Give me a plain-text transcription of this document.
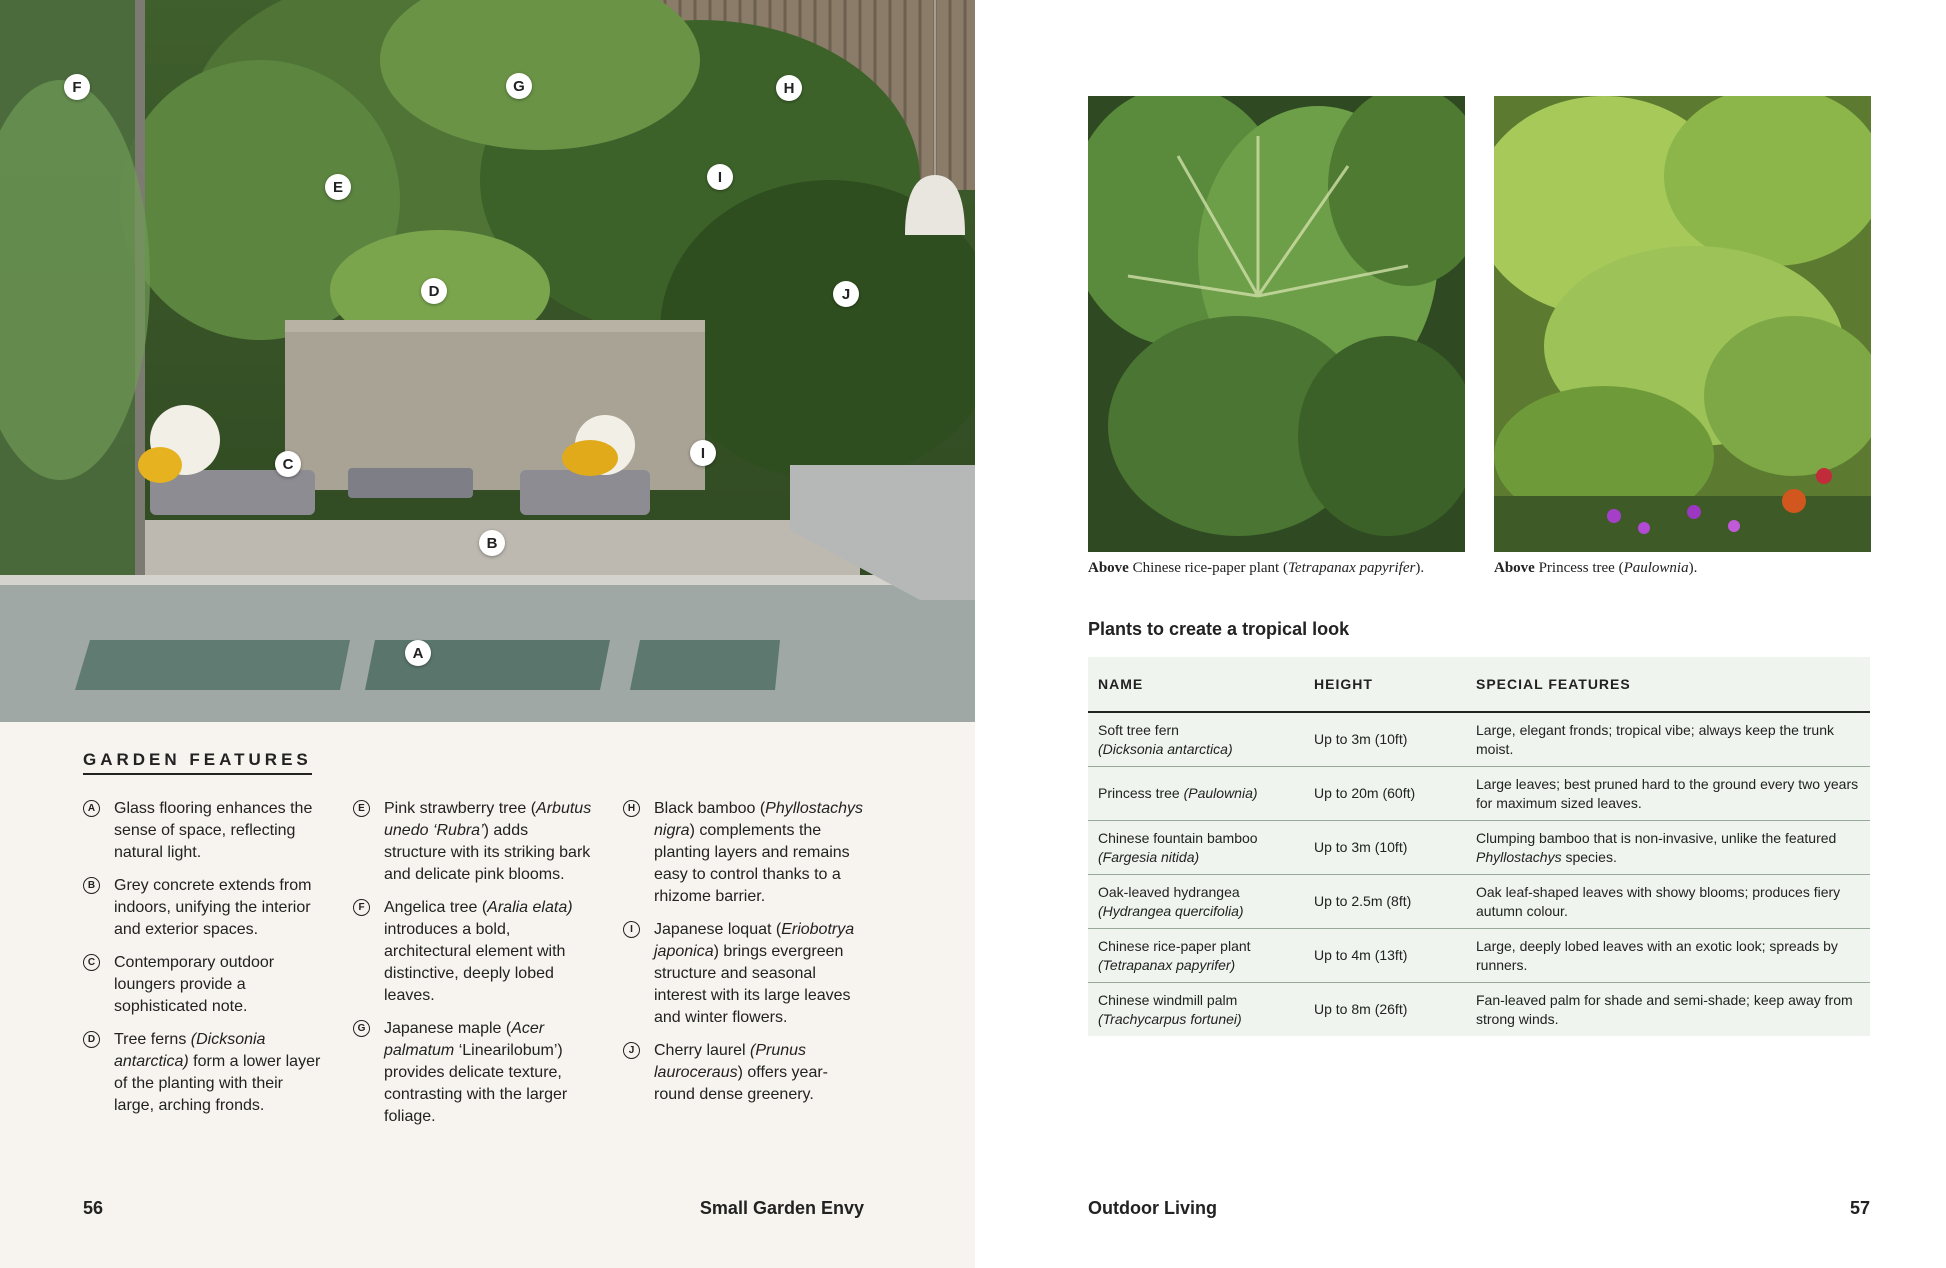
F	G	H
E
I
D	J
C
I
B
A
GARDEN FEATURES
A	Glass flooring enhances the sense of space, reflecting natural light.
B	Grey concrete extends from indoors, unifying the interior and exterior spaces.
C	Contemporary outdoor loungers provide a sophisticated note.
D	Tree ferns (Dicksonia antarctica) form a lower layer of the planting with their large, arching fronds.
E	Pink strawberry tree (Arbutus unedo ‘Rubra’) adds structure with its striking bark and delicate pink blooms.
F	Angelica tree (Aralia elata) introduces a bold, architectural element with distinctive, deeply lobed leaves.
G Japanese maple (Acer palmatum ‘Linearilobum’) provides delicate texture, contrasting with the larger foliage.
H	Black bamboo (Phyllostachys nigra) complements the planting layers and remains easy to control thanks to a rhizome barrier.
I	Japanese loquat (Eriobotrya japonica) brings evergreen structure and seasonal interest with its large leaves and winter flowers.
J	Cherry laurel (Prunus lauroceraus) offers year-round dense greenery.
56	Small Garden Envy
Above Chinese rice-paper plant (Tetrapanax papyrifer).	Above Princess tree (Paulownia).
Plants to create a tropical look
NAME	HEIGHT	SPECIAL FEATURES
Soft tree fern
(Dicksonia antarctica)	Up to 3m (10ft)	Large, elegant fronds; tropical vibe; always keep the trunk moist.
Princess tree (Paulownia)	Up to 20m (60ft)	Large leaves; best pruned hard to the ground every two years for maximum sized leaves.
Chinese fountain bamboo
(Fargesia nitida)	Up to 3m (10ft)	Clumping bamboo that is non-invasive, unlike the featured Phyllostachys species.
Oak-leaved hydrangea
(Hydrangea quercifolia)	Up to 2.5m (8ft)	Oak leaf-shaped leaves with showy blooms; produces fiery autumn colour.
Chinese rice-paper plant
(Tetrapanax papyrifer)	Up to 4m (13ft)	Large, deeply lobed leaves with an exotic look; spreads by runners.
Chinese windmill palm
(Trachycarpus fortunei)	Up to 8m (26ft)	Fan-leaved palm for shade and semi-shade; keep away from strong winds.
Outdoor Living	57
